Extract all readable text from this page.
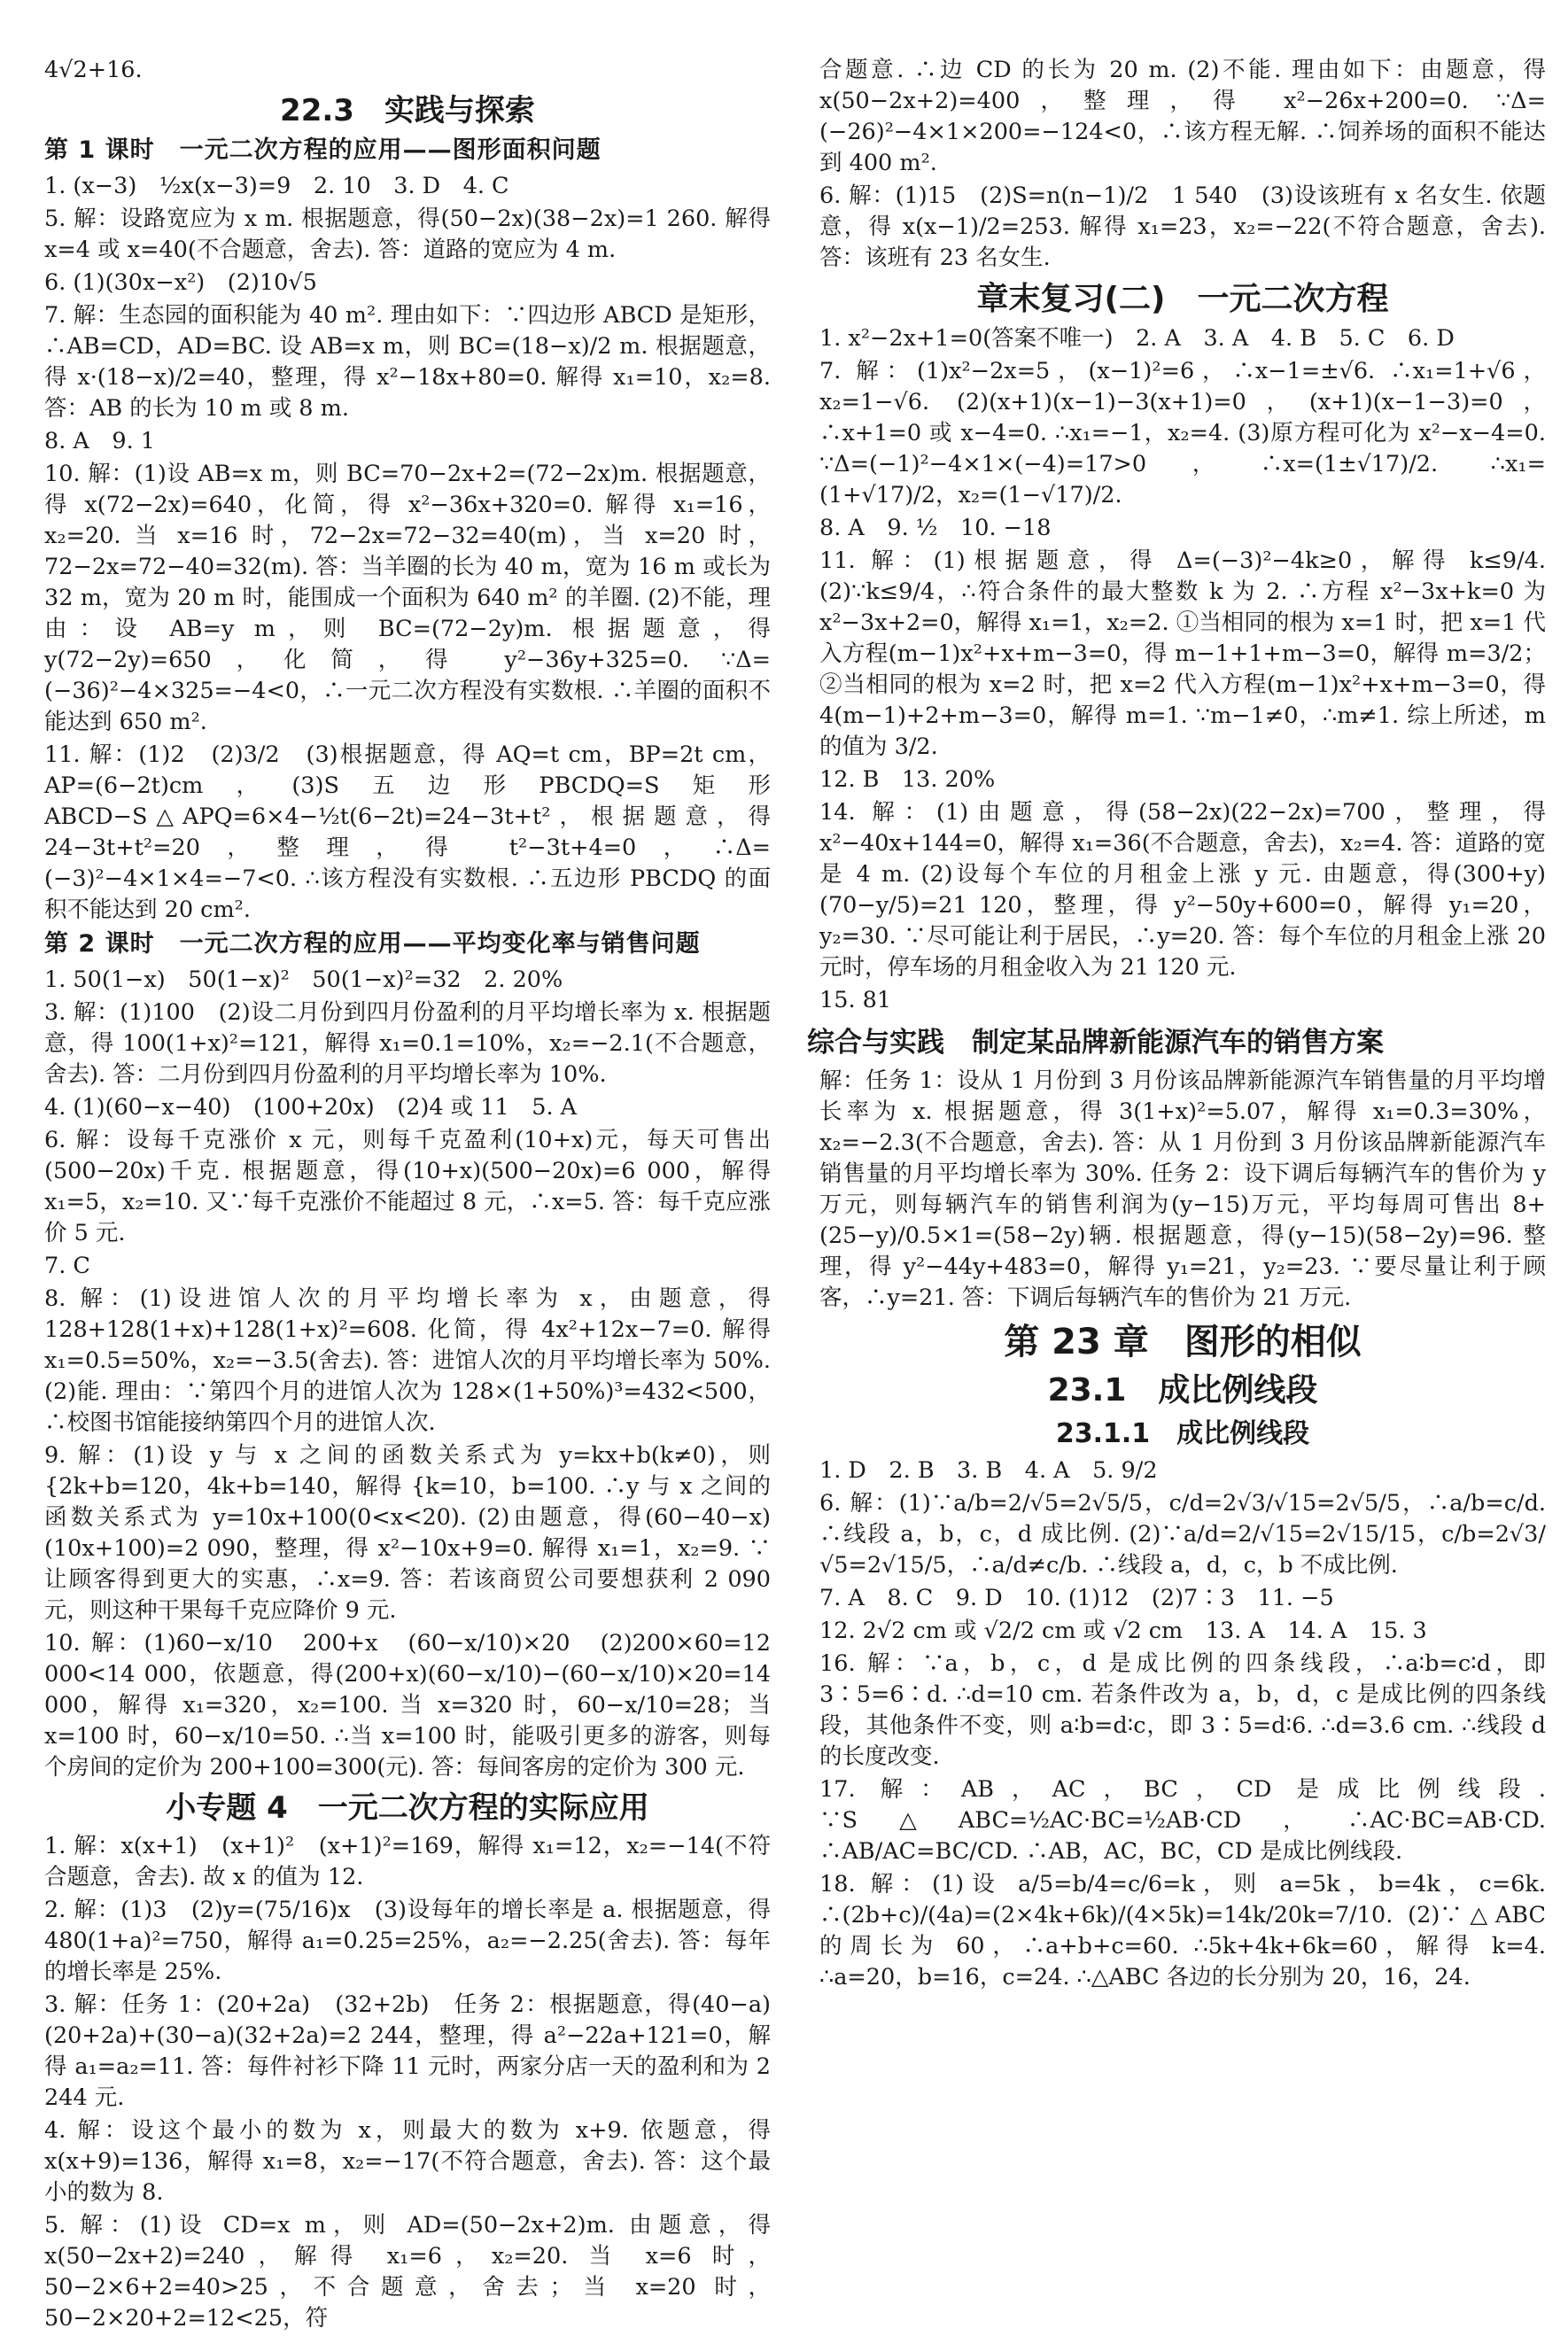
4√2+16.
22.3　实践与探索
第 1 课时　一元二次方程的应用——图形面积问题
1. (x−3)　½x(x−3)=9　2. 10　3. D　4. C
5. 解：设路宽应为 x m. 根据题意，得(50−2x)(38−2x)=1 260. 解得 x=4 或 x=40(不合题意，舍去). 答：道路的宽应为 4 m.
6. (1)(30x−x²)　(2)10√5
7. 解：生态园的面积能为 40 m². 理由如下：∵四边形 ABCD 是矩形，∴AB=CD，AD=BC. 设 AB=x m，则 BC=(18−x)/2 m. 根据题意，得 x·(18−x)/2=40，整理，得 x²−18x+80=0. 解得 x₁=10，x₂=8. 答：AB 的长为 10 m 或 8 m.
8. A　9. 1
10. 解：(1)设 AB=x m，则 BC=70−2x+2=(72−2x)m. 根据题意，得 x(72−2x)=640，化简，得 x²−36x+320=0. 解得 x₁=16，x₂=20. 当 x=16 时，72−2x=72−32=40(m)，当 x=20 时，72−2x=72−40=32(m). 答：当羊圈的长为 40 m，宽为 16 m 或长为 32 m，宽为 20 m 时，能围成一个面积为 640 m² 的羊圈. (2)不能，理由：设 AB=y m，则 BC=(72−2y)m. 根据题意，得 y(72−2y)=650，化简，得 y²−36y+325=0. ∵Δ=(−36)²−4×325=−4<0，∴一元二次方程没有实数根. ∴羊圈的面积不能达到 650 m².
11. 解：(1)2　(2)3/2　(3)根据题意，得 AQ=t cm，BP=2t cm，AP=(6−2t)cm，(3)S五边形PBCDQ=S矩形ABCD−S△APQ=6×4−½t(6−2t)=24−3t+t²，根据题意，得 24−3t+t²=20，整理，得 t²−3t+4=0，∴Δ=(−3)²−4×1×4=−7<0. ∴该方程没有实数根. ∴五边形 PBCDQ 的面积不能达到 20 cm².
第 2 课时　一元二次方程的应用——平均变化率与销售问题
1. 50(1−x)　50(1−x)²　50(1−x)²=32　2. 20%
3. 解：(1)100　(2)设二月份到四月份盈利的月平均增长率为 x. 根据题意，得 100(1+x)²=121，解得 x₁=0.1=10%，x₂=−2.1(不合题意，舍去). 答：二月份到四月份盈利的月平均增长率为 10%.
4. (1)(60−x−40)　(100+20x)　(2)4 或 11　5. A
6. 解：设每千克涨价 x 元，则每千克盈利(10+x)元，每天可售出(500−20x)千克. 根据题意，得(10+x)(500−20x)=6 000，解得 x₁=5，x₂=10. 又∵每千克涨价不能超过 8 元，∴x=5. 答：每千克应涨价 5 元.
7. C
8. 解：(1)设进馆人次的月平均增长率为 x，由题意，得 128+128(1+x)+128(1+x)²=608. 化简，得 4x²+12x−7=0. 解得 x₁=0.5=50%，x₂=−3.5(舍去). 答：进馆人次的月平均增长率为 50%. (2)能. 理由：∵第四个月的进馆人次为 128×(1+50%)³=432<500，∴校图书馆能接纳第四个月的进馆人次.
9. 解：(1)设 y 与 x 之间的函数关系式为 y=kx+b(k≠0)，则 {2k+b=120，4k+b=140，解得 {k=10，b=100. ∴y 与 x 之间的函数关系式为 y=10x+100(0<x<20). (2)由题意，得(60−40−x)(10x+100)=2 090，整理，得 x²−10x+9=0. 解得 x₁=1，x₂=9. ∵让顾客得到更大的实惠，∴x=9. 答：若该商贸公司要想获利 2 090 元，则这种干果每千克应降价 9 元.
10. 解：(1)60−x/10　200+x　(60−x/10)×20　(2)200×60=12 000<14 000，依题意，得(200+x)(60−x/10)−(60−x/10)×20=14 000，解得 x₁=320，x₂=100. 当 x=320 时，60−x/10=28；当 x=100 时，60−x/10=50. ∴当 x=100 时，能吸引更多的游客，则每个房间的定价为 200+100=300(元). 答：每间客房的定价为 300 元.
小专题 4　一元二次方程的实际应用
1. 解：x(x+1)　(x+1)²　(x+1)²=169，解得 x₁=12，x₂=−14(不符合题意，舍去). 故 x 的值为 12.
2. 解：(1)3　(2)y=(75/16)x　(3)设每年的增长率是 a. 根据题意，得 480(1+a)²=750，解得 a₁=0.25=25%，a₂=−2.25(舍去). 答：每年的增长率是 25%.
3. 解：任务 1：(20+2a)　(32+2b)　任务 2：根据题意，得(40−a)(20+2a)+(30−a)(32+2a)=2 244，整理，得 a²−22a+121=0，解得 a₁=a₂=11. 答：每件衬衫下降 11 元时，两家分店一天的盈利和为 2 244 元.
4. 解：设这个最小的数为 x，则最大的数为 x+9. 依题意，得 x(x+9)=136，解得 x₁=8，x₂=−17(不符合题意，舍去). 答：这个最小的数为 8.
5. 解：(1)设 CD=x m，则 AD=(50−2x+2)m. 由题意，得 x(50−2x+2)=240，解得 x₁=6，x₂=20. 当 x=6 时，50−2×6+2=40>25，不合题意，舍去；当 x=20 时，50−2×20+2=12<25，符
合题意. ∴边 CD 的长为 20 m. (2)不能. 理由如下：由题意，得 x(50−2x+2)=400，整理，得 x²−26x+200=0. ∵Δ=(−26)²−4×1×200=−124<0，∴该方程无解. ∴饲养场的面积不能达到 400 m².
6. 解：(1)15　(2)S=n(n−1)/2　1 540　(3)设该班有 x 名女生. 依题意，得 x(x−1)/2=253. 解得 x₁=23，x₂=−22(不符合题意，舍去). 答：该班有 23 名女生.
章末复习(二)　一元二次方程
1. x²−2x+1=0(答案不唯一)　2. A　3. A　4. B　5. C　6. D
7. 解：(1)x²−2x=5，(x−1)²=6，∴x−1=±√6. ∴x₁=1+√6，x₂=1−√6. (2)(x+1)(x−1)−3(x+1)=0，(x+1)(x−1−3)=0，∴x+1=0 或 x−4=0. ∴x₁=−1，x₂=4. (3)原方程可化为 x²−x−4=0. ∵Δ=(−1)²−4×1×(−4)=17>0，∴x=(1±√17)/2. ∴x₁=(1+√17)/2，x₂=(1−√17)/2.
8. A　9. ½　10. −18
11. 解：(1)根据题意，得 Δ=(−3)²−4k≥0，解得 k≤9/4. (2)∵k≤9/4，∴符合条件的最大整数 k 为 2. ∴方程 x²−3x+k=0 为 x²−3x+2=0，解得 x₁=1，x₂=2. ①当相同的根为 x=1 时，把 x=1 代入方程(m−1)x²+x+m−3=0，得 m−1+1+m−3=0，解得 m=3/2；②当相同的根为 x=2 时，把 x=2 代入方程(m−1)x²+x+m−3=0，得 4(m−1)+2+m−3=0，解得 m=1. ∵m−1≠0，∴m≠1. 综上所述，m 的值为 3/2.
12. B　13. 20%
14. 解：(1)由题意，得(58−2x)(22−2x)=700，整理，得 x²−40x+144=0，解得 x₁=36(不合题意，舍去)，x₂=4. 答：道路的宽是 4 m. (2)设每个车位的月租金上涨 y 元. 由题意，得(300+y)(70−y/5)=21 120，整理，得 y²−50y+600=0，解得 y₁=20，y₂=30. ∵尽可能让利于居民，∴y=20. 答：每个车位的月租金上涨 20 元时，停车场的月租金收入为 21 120 元.
15. 81
综合与实践　制定某品牌新能源汽车的销售方案
解：任务 1：设从 1 月份到 3 月份该品牌新能源汽车销售量的月平均增长率为 x. 根据题意，得 3(1+x)²=5.07，解得 x₁=0.3=30%，x₂=−2.3(不合题意，舍去). 答：从 1 月份到 3 月份该品牌新能源汽车销售量的月平均增长率为 30%. 任务 2：设下调后每辆汽车的售价为 y 万元，则每辆汽车的销售利润为(y−15)万元，平均每周可售出 8+(25−y)/0.5×1=(58−2y)辆. 根据题意，得(y−15)(58−2y)=96. 整理，得 y²−44y+483=0，解得 y₁=21，y₂=23. ∵要尽量让利于顾客，∴y=21. 答：下调后每辆汽车的售价为 21 万元.
第 23 章　图形的相似
23.1　成比例线段
23.1.1　成比例线段
1. D　2. B　3. B　4. A　5. 9/2
6. 解：(1)∵a/b=2/√5=2√5/5，c/d=2√3/√15=2√5/5，∴a/b=c/d. ∴线段 a，b，c，d 成比例. (2)∵a/d=2/√15=2√15/15，c/b=2√3/√5=2√15/5，∴a/d≠c/b. ∴线段 a，d，c，b 不成比例.
7. A　8. C　9. D　10. (1)12　(2)7∶3　11. −5
12. 2√2 cm 或 √2/2 cm 或 √2 cm　13. A　14. A　15. 3
16. 解：∵a，b，c，d 是成比例的四条线段，∴a∶b=c∶d，即 3∶5=6∶d. ∴d=10 cm. 若条件改为 a，b，d，c 是成比例的四条线段，其他条件不变，则 a∶b=d∶c，即 3∶5=d∶6. ∴d=3.6 cm. ∴线段 d 的长度改变.
17. 解：AB，AC，BC，CD 是成比例线段. ∵S△ABC=½AC·BC=½AB·CD，∴AC·BC=AB·CD. ∴AB/AC=BC/CD. ∴AB，AC，BC，CD 是成比例线段.
18. 解：(1)设 a/5=b/4=c/6=k，则 a=5k，b=4k，c=6k. ∴(2b+c)/(4a)=(2×4k+6k)/(4×5k)=14k/20k=7/10. (2)∵△ABC 的周长为 60，∴a+b+c=60. ∴5k+4k+6k=60，解得 k=4. ∴a=20，b=16，c=24. ∴△ABC 各边的长分别为 20，16，24.
